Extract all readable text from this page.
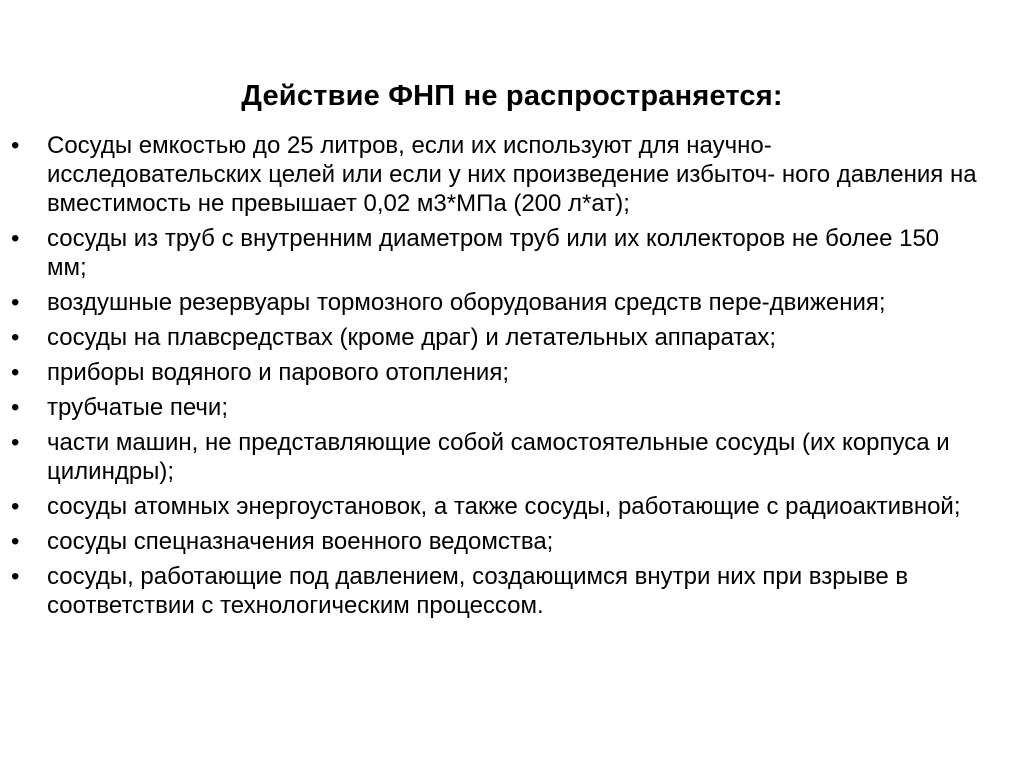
Действие ФНП не распространяется:
•	Сосуды емкостью до 25 литров, если их используют для научно-исследовательских целей или если у них произведение избыточ- ного давления на вместимость не превышает 0,02 м3*МПа (200 л*ат);
•	сосуды из труб с внутренним диаметром труб или их коллекторов не более 150 мм;
•	воздушные резервуары тормозного оборудования средств пере-движения;
•	сосуды на плавсредствах (кроме драг) и летательных аппаратах;
•	приборы водяного и парового отопления;
•	трубчатые печи;
•	части машин, не представляющие собой самостоятельные сосуды (их корпуса и цилиндры);
•	сосуды атомных энергоустановок, а также сосуды, работающие с радиоактивной;
•	сосуды спецназначения военного ведомства;
•	сосуды, работающие под давлением, создающимся внутри них при взрыве в соответствии с технологическим процессом.
